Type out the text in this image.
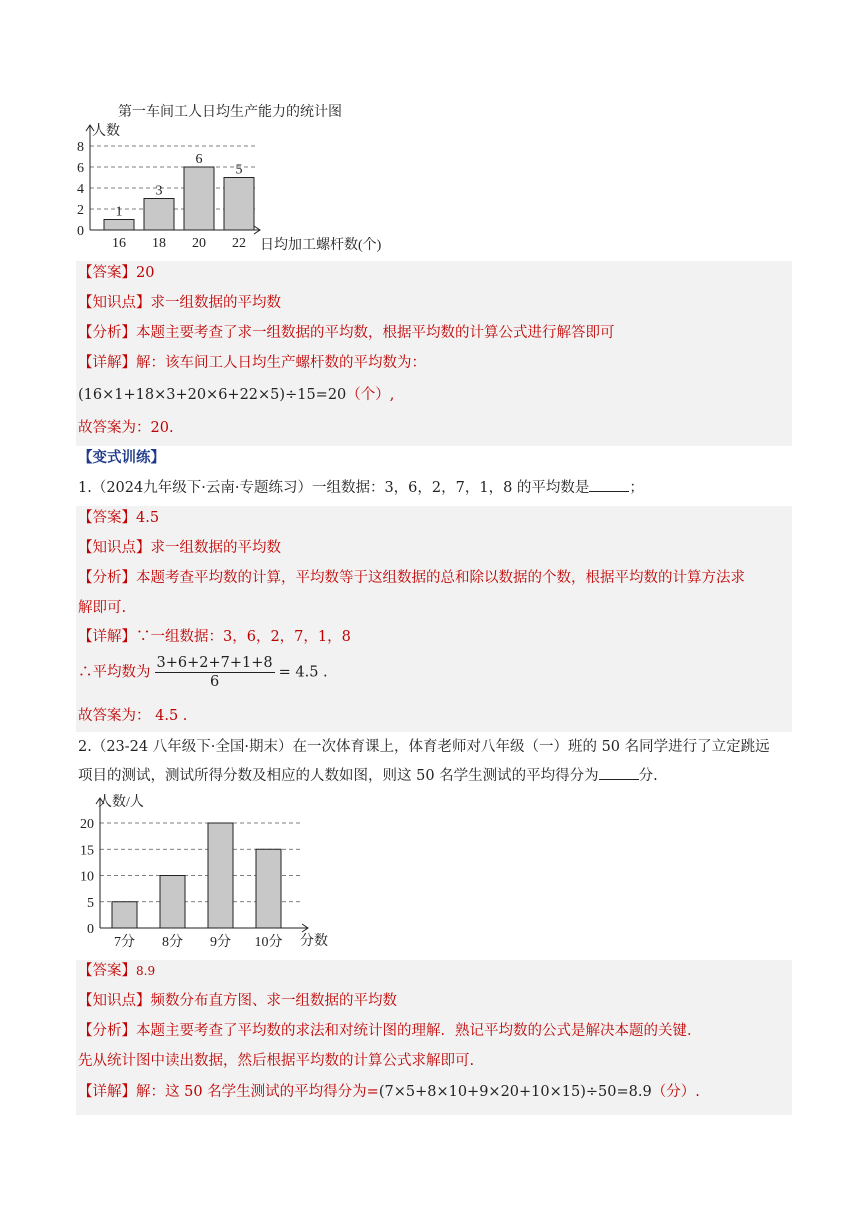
第一车间工人日均生产能力的统计图
人数
0
2
4
6
8
1
16
3
18
6
20
5
22 日均加工螺杆数(个)
【答案】20
【知识点】求一组数据的平均数
【分析】本题主要考查了求一组数据的平均数，根据平均数的计算公式进行解答即可
【详解】解：该车间工人日均生产螺杆数的平均数为：
(16×1+18×3+20×6+22×5)÷15=20（个）,
故答案为：20.
【变式训练】
1.（2024九年级下·云南·专题练习）一组数据：3，6，2，7，1，8 的平均数是	；
【答案】4.5
【知识点】求一组数据的平均数
【分析】本题考查平均数的计算，平均数等于这组数据的总和除以数据的个数，根据平均数的计算方法求
解即可.
【详解】∵一组数据：3，6，2，7，1，8
∴平均数为 $\frac{3+6+2+7+1+8}{6} = 4.5$ .
故答案为： 4.5 .
2.（23-24 八年级下·全国·期末）在一次体育课上，体育老师对八年级（一）班的 50 名同学进行了立定跳远
项目的测试，测试所得分数及相应的人数如图，则这 50 名学生测试的平均得分为	分.
人数/人
0
5
10
15
20
7分 8分 9分 10分 分数
【答案】8.9
【知识点】频数分布直方图、求一组数据的平均数
【分析】本题主要考查了平均数的求法和对统计图的理解．熟记平均数的公式是解决本题的关键．
先从统计图中读出数据，然后根据平均数的计算公式求解即可.
【详解】解：这 50 名学生测试的平均得分为=(7×5+8×10+9×20+10×15)÷50=8.9（分）.
